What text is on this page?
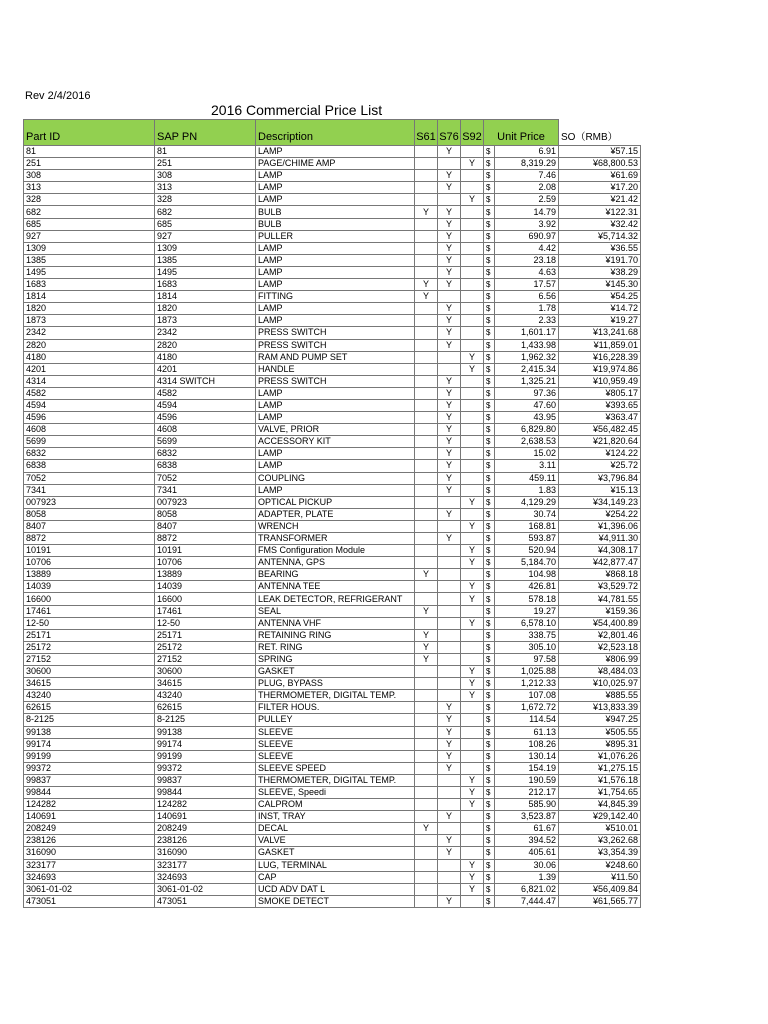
Rev 2/4/2016
2016 Commercial Price List
Part ID	SAP PN	Description	S61	S76	S92	Unit Price		SO（RMB）
81	81	LAMP		Y		$	6.91	¥57.15
251	251	PAGE/CHIME AMP			Y	$	8,319.29	¥68,800.53
308	308	LAMP		Y		$	7.46	¥61.69
313	313	LAMP		Y		$	2.08	¥17.20
328	328	LAMP			Y	$	2.59	¥21.42
682	682	BULB	Y	Y		$	14.79	¥122.31
685	685	BULB		Y		$	3.92	¥32.42
927	927	PULLER		Y		$	690.97	¥5,714.32
1309	1309	LAMP		Y		$	4.42	¥36.55
1385	1385	LAMP		Y		$	23.18	¥191.70
1495	1495	LAMP		Y		$	4.63	¥38.29
1683	1683	LAMP	Y	Y		$	17.57	¥145.30
1814	1814	FITTING	Y			$	6.56	¥54.25
1820	1820	LAMP		Y		$	1.78	¥14.72
1873	1873	LAMP		Y		$	2.33	¥19.27
2342	2342	PRESS SWITCH		Y		$	1,601.17	¥13,241.68
2820	2820	PRESS SWITCH		Y		$	1,433.98	¥11,859.01
4180	4180	RAM AND PUMP SET			Y	$	1,962.32	¥16,228.39
4201	4201	HANDLE			Y	$	2,415.34	¥19,974.86
4314	4314 SWITCH	PRESS SWITCH		Y		$	1,325.21	¥10,959.49
4582	4582	LAMP		Y		$	97.36	¥805.17
4594	4594	LAMP		Y		$	47.60	¥393.65
4596	4596	LAMP		Y		$	43.95	¥363.47
4608	4608	VALVE, PRIOR		Y		$	6,829.80	¥56,482.45
5699	5699	ACCESSORY KIT		Y		$	2,638.53	¥21,820.64
6832	6832	LAMP		Y		$	15.02	¥124.22
6838	6838	LAMP		Y		$	3.11	¥25.72
7052	7052	COUPLING		Y		$	459.11	¥3,796.84
7341	7341	LAMP		Y		$	1.83	¥15.13
007923	007923	OPTICAL PICKUP			Y	$	4,129.29	¥34,149.23
8058	8058	ADAPTER, PLATE		Y		$	30.74	¥254.22
8407	8407	WRENCH			Y	$	168.81	¥1,396.06
8872	8872	TRANSFORMER		Y		$	593.87	¥4,911.30
10191	10191	FMS Configuration Module			Y	$	520.94	¥4,308.17
10706	10706	ANTENNA, GPS			Y	$	5,184.70	¥42,877.47
13889	13889	BEARING	Y			$	104.98	¥868.18
14039	14039	ANTENNA TEE			Y	$	426.81	¥3,529.72
16600	16600	LEAK DETECTOR, REFRIGERANT			Y	$	578.18	¥4,781.55
17461	17461	SEAL	Y			$	19.27	¥159.36
12-50	12-50	ANTENNA VHF			Y	$	6,578.10	¥54,400.89
25171	25171	RETAINING RING	Y			$	338.75	¥2,801.46
25172	25172	RET. RING	Y			$	305.10	¥2,523.18
27152	27152	SPRING	Y			$	97.58	¥806.99
30600	30600	GASKET			Y	$	1,025.88	¥8,484.03
34615	34615	PLUG, BYPASS			Y	$	1,212.33	¥10,025.97
43240	43240	THERMOMETER, DIGITAL TEMP.			Y	$	107.08	¥885.55
62615	62615	FILTER HOUS.		Y		$	1,672.72	¥13,833.39
8-2125	8-2125	PULLEY		Y		$	114.54	¥947.25
99138	99138	SLEEVE		Y		$	61.13	¥505.55
99174	99174	SLEEVE		Y		$	108.26	¥895.31
99199	99199	SLEEVE		Y		$	130.14	¥1,076.26
99372	99372	SLEEVE SPEED		Y		$	154.19	¥1,275.15
99837	99837	THERMOMETER, DIGITAL TEMP.			Y	$	190.59	¥1,576.18
99844	99844	SLEEVE, Speedi			Y	$	212.17	¥1,754.65
124282	124282	CALPROM			Y	$	585.90	¥4,845.39
140691	140691	INST, TRAY		Y		$	3,523.87	¥29,142.40
208249	208249	DECAL	Y			$	61.67	¥510.01
238126	238126	VALVE		Y		$	394.52	¥3,262.68
316090	316090	GASKET		Y		$	405.61	¥3,354.39
323177	323177	LUG, TERMINAL			Y	$	30.06	¥248.60
324693	324693	CAP			Y	$	1.39	¥11.50
3061-01-02	3061-01-02	UCD ADV DAT L			Y	$	6,821.02	¥56,409.84
473051	473051	SMOKE DETECT		Y		$	7,444.47	¥61,565.77
